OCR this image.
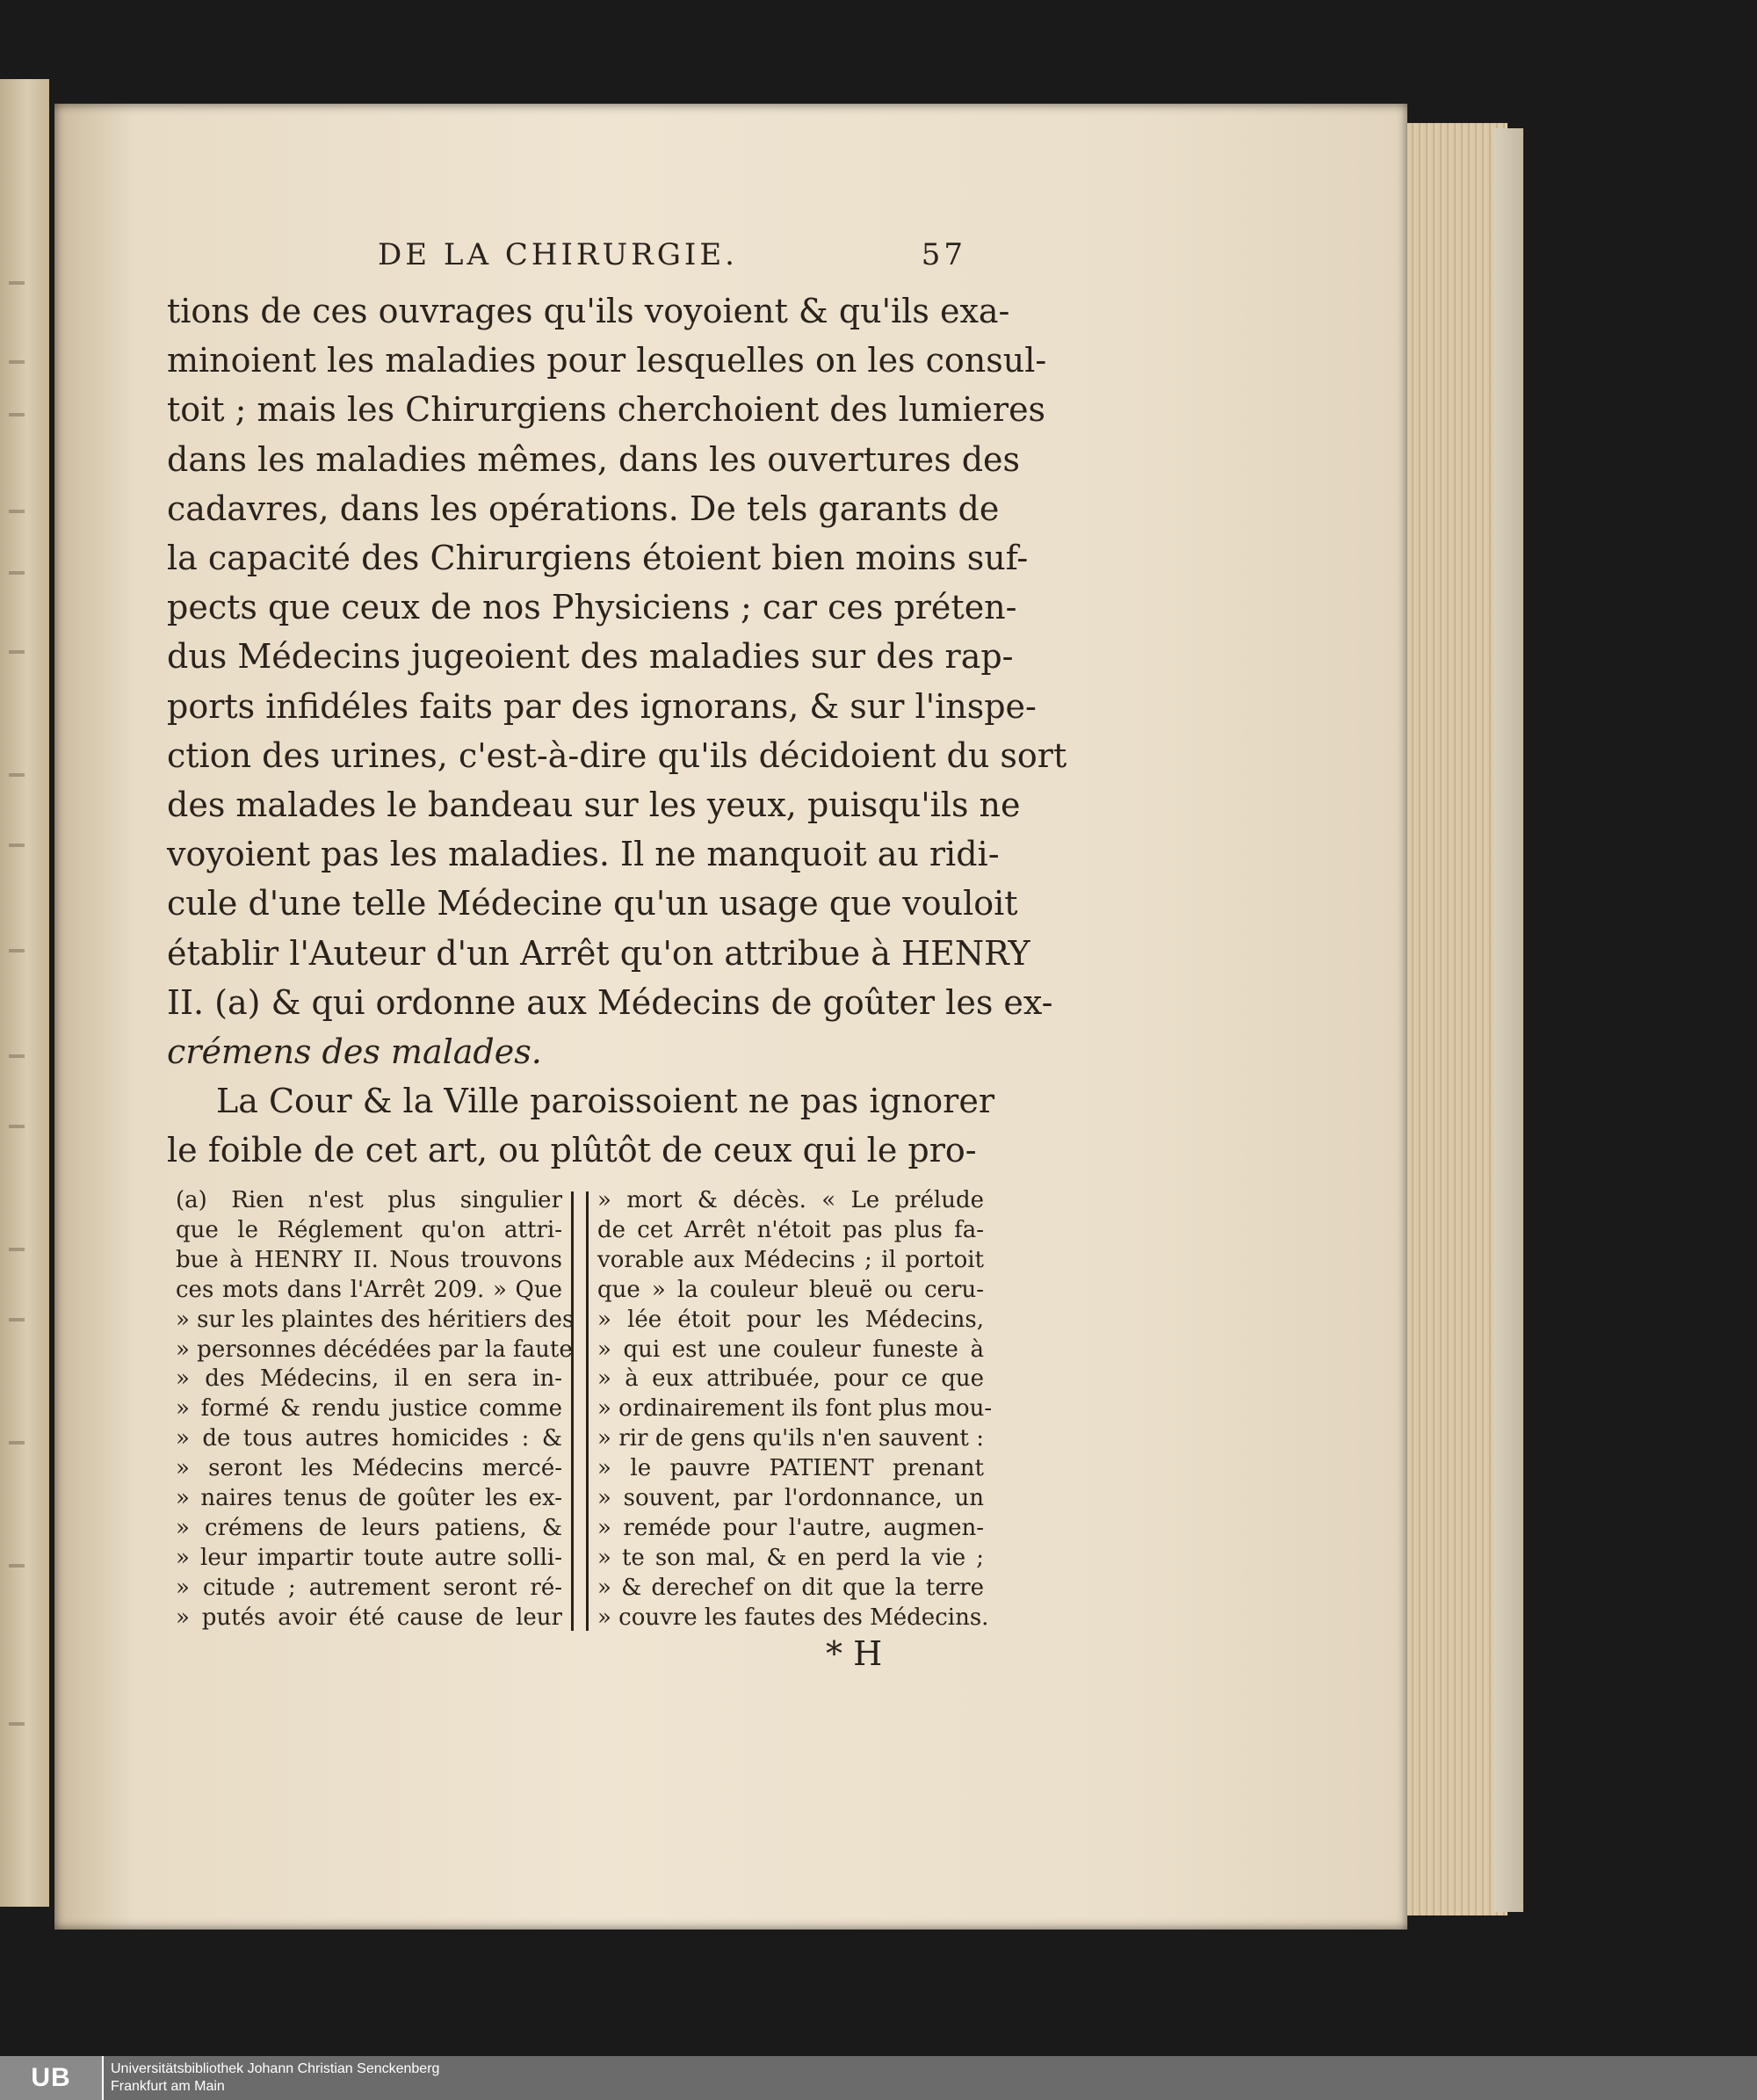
DE LA CHIRURGIE.	57
tions de ces ouvrages qu'ils voyoient & qu'ils exa-
minoient les maladies pour lesquelles on les consul-
toit ; mais les Chirurgiens cherchoient des lumieres
dans les maladies mêmes, dans les ouvertures des
cadavres, dans les opérations. De tels garants de
la capacité des Chirurgiens étoient bien moins suf-
pects que ceux de nos Physiciens ; car ces préten-
dus Médecins jugeoient des maladies sur des rap-
ports infidéles faits par des ignorans, & sur l'inspe-
ction des urines, c'est-à-dire qu'ils décidoient du sort
des malades le bandeau sur les yeux, puisqu'ils ne
voyoient pas les maladies. Il ne manquoit au ridi-
cule d'une telle Médecine qu'un usage que vouloit
établir l'Auteur d'un Arrêt qu'on attribue à HENRY
II. (a) & qui ordonne aux Médecins de goûter les ex-
crémens des malades.
La Cour & la Ville paroissoient ne pas ignorer
le foible de cet art, ou plûtôt de ceux qui le pro-
(a) Rien n'est plus singulier
que le Réglement qu'on attri-
bue à HENRY II. Nous trouvons
ces mots dans l'Arrêt 209. » Que
» sur les plaintes des héritiers des
» personnes décédées par la faute
» des Médecins, il en sera in-
» formé & rendu justice comme
» de tous autres homicides : &
» seront les Médecins mercé-
» naires tenus de goûter les ex-
» crémens de leurs patiens, &
» leur impartir toute autre solli-
» citude ; autrement seront ré-
» putés avoir été cause de leur
» mort & décès. « Le prélude
de cet Arrêt n'étoit pas plus fa-
vorable aux Médecins ; il portoit
que » la couleur bleuë ou ceru-
» lée étoit pour les Médecins,
» qui est une couleur funeste à
» à eux attribuée, pour ce que
» ordinairement ils font plus mou-
» rir de gens qu'ils n'en sauvent :
» le pauvre PATIENT prenant
» souvent, par l'ordonnance, un
» reméde pour l'autre, augmen-
» te son mal, & en perd la vie ;
» & derechef on dit que la terre
» couvre les fautes des Médecins.
* H
UB	Universitätsbibliothek Johann Christian Senckenberg
Frankfurt am Main
